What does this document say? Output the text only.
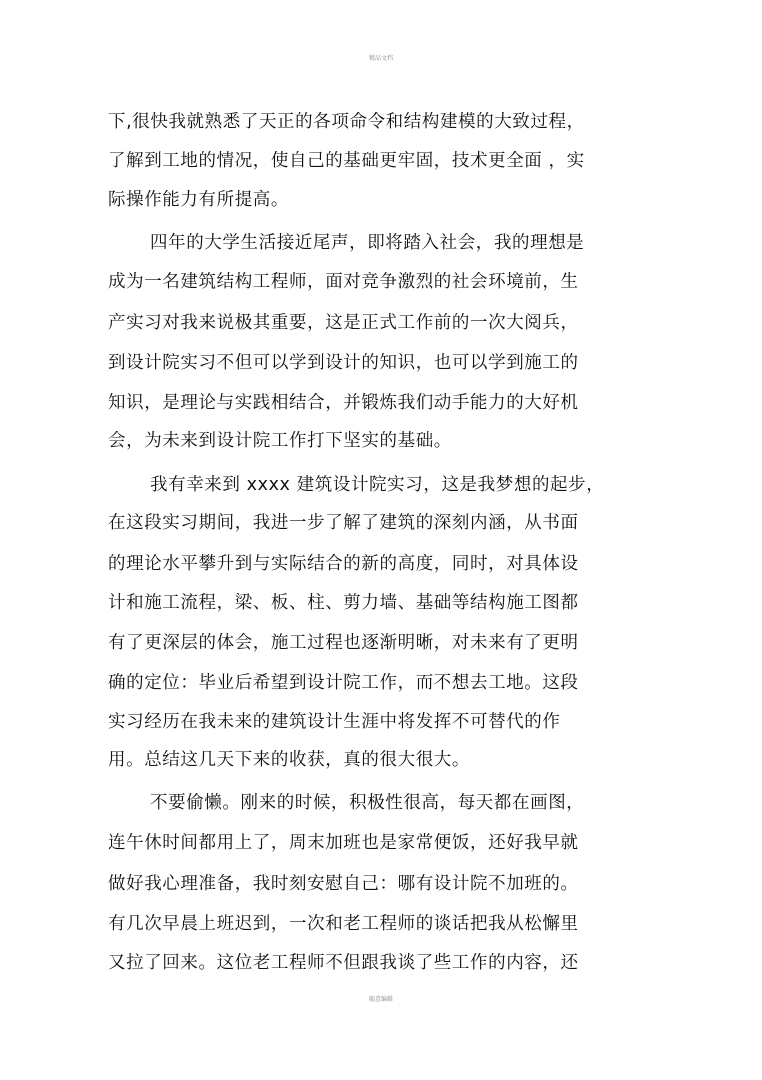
精品文档
下,很快我就熟悉了天正的各项命令和结构建模的大致过程，
了解到工地的情况，使自己的基础更牢固，技术更全面 ，实
际操作能力有所提高。
四年的大学生活接近尾声，即将踏入社会，我的理想是
成为一名建筑结构工程师，面对竞争激烈的社会环境前，生
产实习对我来说极其重要，这是正式工作前的一次大阅兵，
到设计院实习不但可以学到设计的知识，也可以学到施工的
知识，是理论与实践相结合，并锻炼我们动手能力的大好机
会，为未来到设计院工作打下坚实的基础。
我有幸来到 xxxx 建筑设计院实习，这是我梦想的起步，
在这段实习期间，我进一步了解了建筑的深刻内涵，从书面
的理论水平攀升到与实际结合的新的高度，同时，对具体设
计和施工流程，梁、板、柱、剪力墙、基础等结构施工图都
有了更深层的体会，施工过程也逐渐明晰，对未来有了更明
确的定位：毕业后希望到设计院工作，而不想去工地。这段
实习经历在我未来的建筑设计生涯中将发挥不可替代的作
用。总结这几天下来的收获，真的很大很大。
不要偷懒。刚来的时候，积极性很高，每天都在画图，
连午休时间都用上了，周末加班也是家常便饭，还好我早就
做好我心理准备，我时刻安慰自己：哪有设计院不加班的。
有几次早晨上班迟到，一次和老工程师的谈话把我从松懈里
又拉了回来。这位老工程师不但跟我谈了些工作的内容，还
随意编辑
